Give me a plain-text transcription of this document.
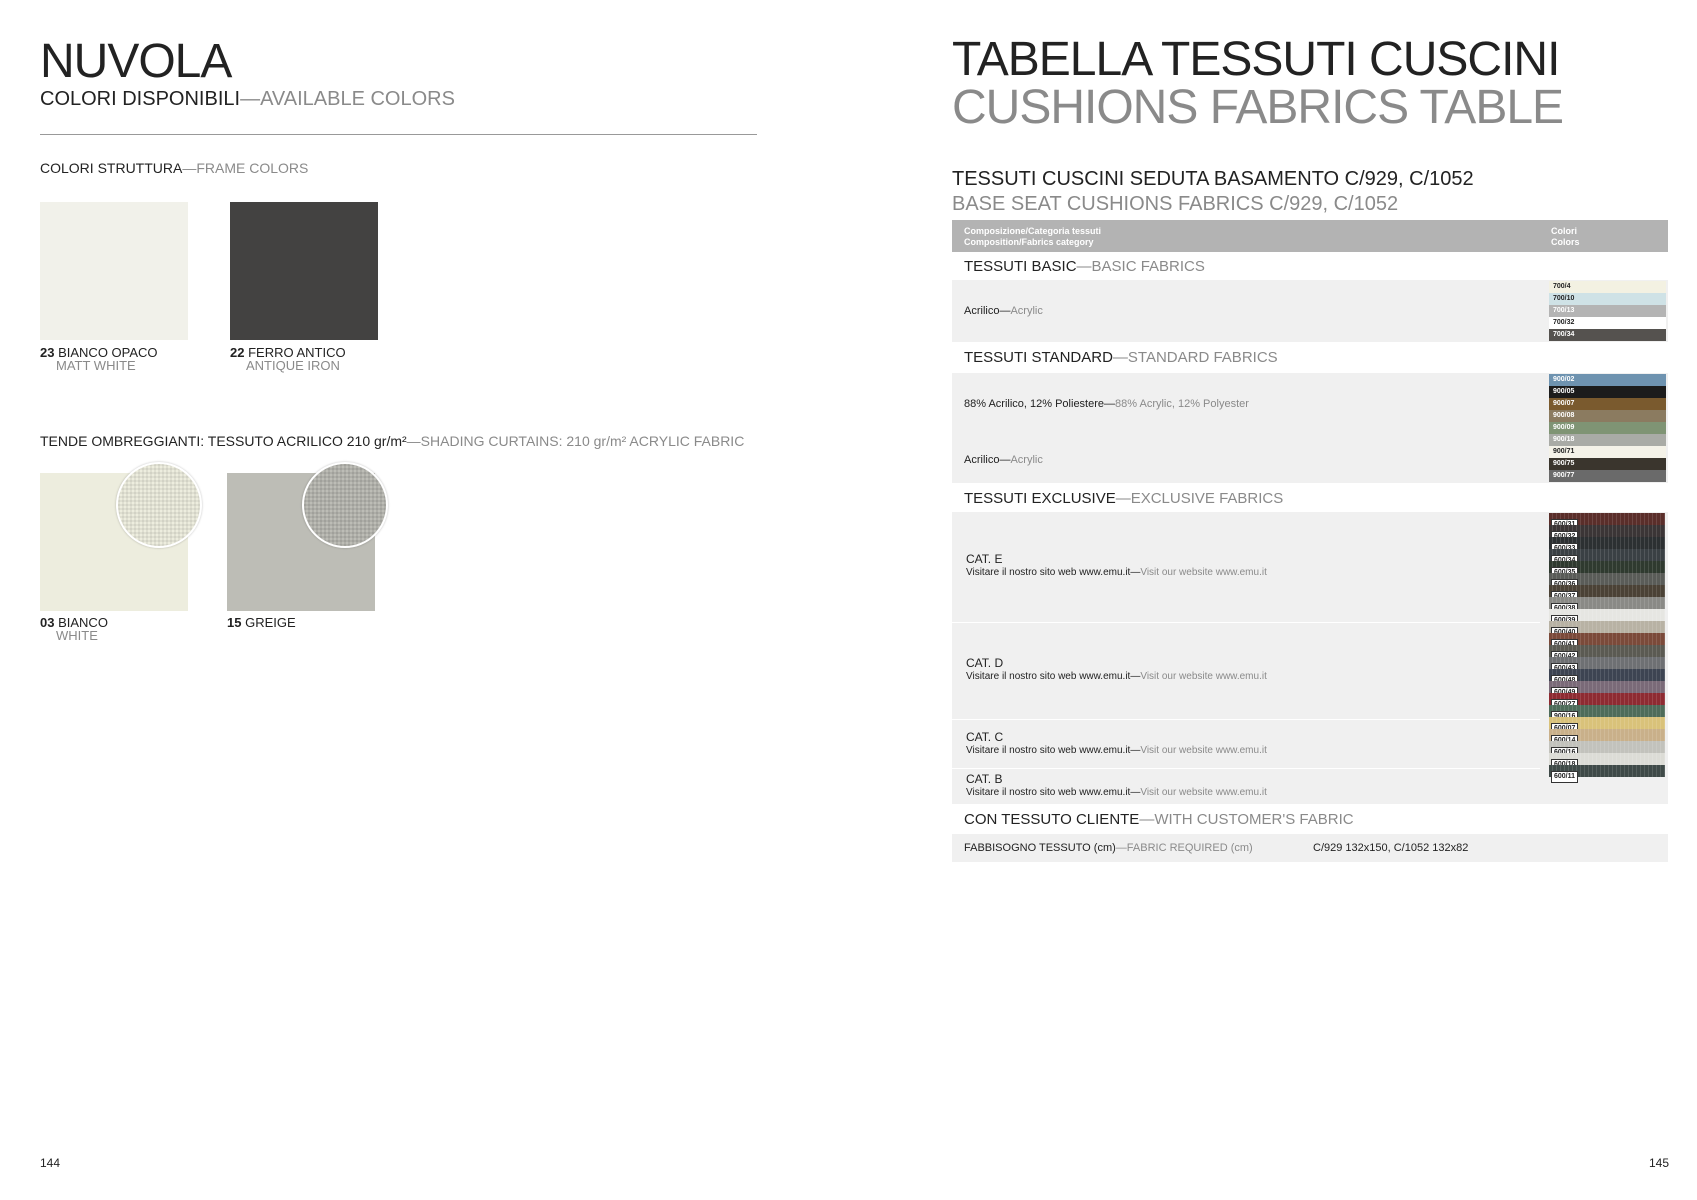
NUVOLA
COLORI DISPONIBILI—AVAILABLE COLORS
COLORI STRUTTURA—FRAME COLORS
23 BIANCO OPACO
MATT WHITE
22 FERRO ANTICO
ANTIQUE IRON
TENDE OMBREGGIANTI: TESSUTO ACRILICO 210 gr/m²—SHADING CURTAINS: 210 gr/m² ACRYLIC FABRIC
03 BIANCO
WHITE
15 GREIGE
144
TABELLA TESSUTI CUSCINI
CUSHIONS FABRICS TABLE
TESSUTI CUSCINI SEDUTA BASAMENTO C/929, C/1052
BASE SEAT CUSHIONS FABRICS C/929, C/1052
Composizione/Categoria tessuti
Composition/Fabrics category
Colori
Colors
TESSUTI BASIC—BASIC FABRICS
Acrilico—Acrylic
700/4
700/10
700/13
700/32
700/34
TESSUTI STANDARD—STANDARD FABRICS
88% Acrilico, 12% Poliestere—88% Acrylic, 12% Polyester
Acrilico—Acrylic
900/02
900/05
900/07
900/08
900/09
900/18
900/71
900/75
900/77
TESSUTI EXCLUSIVE—EXCLUSIVE FABRICS
CAT. E
Visitare il nostro sito web www.emu.it—Visit our website www.emu.it
CAT. D
Visitare il nostro sito web www.emu.it—Visit our website www.emu.it
CAT. C
Visitare il nostro sito web www.emu.it—Visit our website www.emu.it
CAT. B
Visitare il nostro sito web www.emu.it—Visit our website www.emu.it
600/11
CON TESSUTO CLIENTE—WITH CUSTOMER'S FABRIC
FABBISOGNO TESSUTO (cm)—FABRIC REQUIRED (cm)	C/929 132x150, C/1052 132x82
145
